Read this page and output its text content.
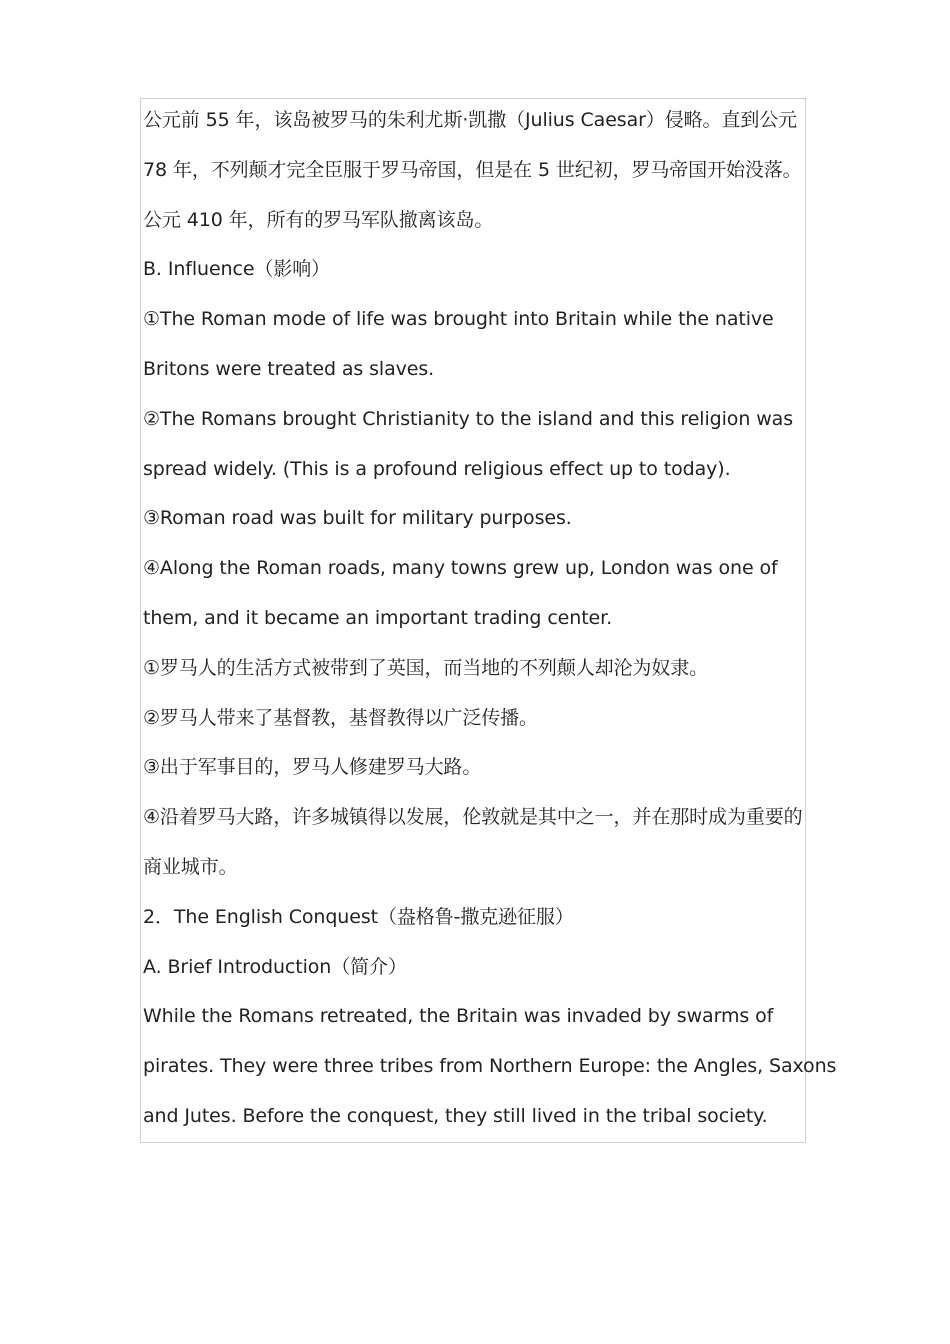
公元前 55 年，该岛被罗马的朱利尤斯·凯撒（Julius Caesar）侵略。直到公元
78 年，不列颠才完全臣服于罗马帝国，但是在 5 世纪初，罗马帝国开始没落。
公元 410 年，所有的罗马军队撤离该岛。
B. Influence（影响）
①The Roman mode of life was brought into Britain while the native
Britons were treated as slaves.
②The Romans brought Christianity to the island and this religion was
spread widely. (This is a profound religious effect up to today).
③Roman road was built for military purposes.
④Along the Roman roads, many towns grew up, London was one of
them, and it became an important trading center.
①罗马人的生活方式被带到了英国，而当地的不列颠人却沦为奴隶。
②罗马人带来了基督教，基督教得以广泛传播。
③出于军事目的，罗马人修建罗马大路。
④沿着罗马大路，许多城镇得以发展，伦敦就是其中之一，并在那时成为重要的
商业城市。
2．The English Conquest（盎格鲁-撒克逊征服）
A. Brief Introduction（简介）
While the Romans retreated, the Britain was invaded by swarms of
pirates. They were three tribes from Northern Europe: the Angles, Saxons
and Jutes. Before the conquest, they still lived in the tribal society.
